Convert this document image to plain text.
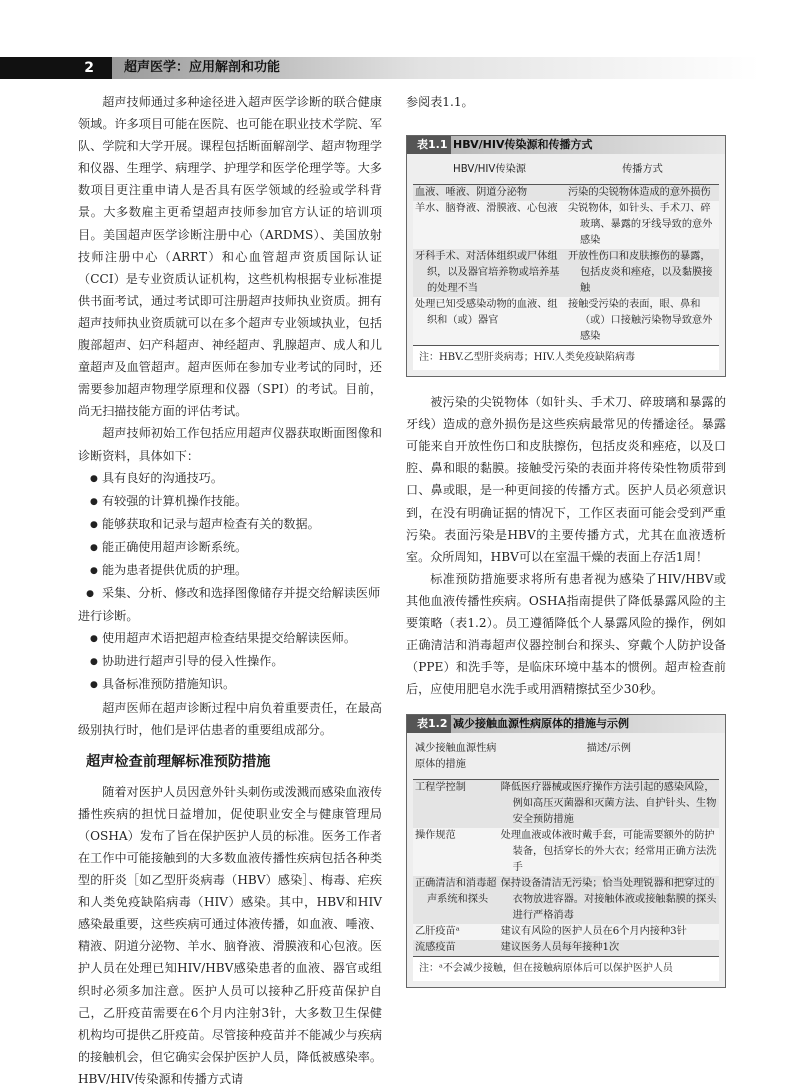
2	超声医学：应用解剖和功能

超声技师通过多种途径进入超声医学诊断的联合健康领域。许多项目可能在医院、也可能在职业技术学院、军队、学院和大学开展。课程包括断面解剖学、超声物理学和仪器、生理学、病理学、护理学和医学伦理学等。大多数项目更注重申请人是否具有医学领域的经验或学科背景。大多数雇主更希望超声技师参加官方认证的培训项目。美国超声医学诊断注册中心（ARDMS）、美国放射技师注册中心（ARRT）和心血管超声资质国际认证（CCI）是专业资质认证机构，这些机构根据专业标准提供书面考试，通过考试即可注册超声技师执业资质。拥有超声技师执业资质就可以在多个超声专业领域执业，包括腹部超声、妇产科超声、神经超声、乳腺超声、成人和儿童超声及血管超声。超声医师在参加专业考试的同时，还需要参加超声物理学原理和仪器（SPI）的考试。目前，尚无扫描技能方面的评估考试。

超声技师初始工作包括应用超声仪器获取断面图像和诊断资料，具体如下：

● 具有良好的沟通技巧。
● 有较强的计算机操作技能。
● 能够获取和记录与超声检查有关的数据。
● 能正确使用超声诊断系统。
● 能为患者提供优质的护理。
● 采集、分析、修改和选择图像储存并提交给解读医师进行诊断。
● 使用超声术语把超声检查结果提交给解读医师。
● 协助进行超声引导的侵入性操作。
● 具备标准预防措施知识。

超声医师在超声诊断过程中肩负着重要责任，在最高级别执行时，他们是评估患者的重要组成部分。

超声检查前理解标准预防措施

随着对医护人员因意外针头刺伤或泼溅而感染血液传播性疾病的担忧日益增加，促使职业安全与健康管理局（OSHA）发布了旨在保护医护人员的标准。医务工作者在工作中可能接触到的大多数血液传播性疾病包括各种类型的肝炎［如乙型肝炎病毒（HBV）感染］、梅毒、疟疾和人类免疫缺陷病毒（HIV）感染。其中，HBV和HIV感染最重要，这些疾病可通过体液传播，如血液、唾液、精液、阴道分泌物、羊水、脑脊液、滑膜液和心包液。医护人员在处理已知HIV/HBV感染患者的血液、器官或组织时必须多加注意。医护人员可以接种乙肝疫苗保护自己，乙肝疫苗需要在6个月内注射3针，大多数卫生保健机构均可提供乙肝疫苗。尽管接种疫苗并不能减少与疾病的接触机会，但它确实会保护医护人员，降低被感染率。HBV/HIV传染源和传播方式请

参阅表1.1。

表1.1 HBV/HIV传染源和传播方式
HBV/HIV传染源	传播方式
血液、唾液、阴道分泌物	污染的尖锐物体造成的意外损伤

羊水、脑脊液、滑膜液、心包液	尖锐物体，如针头、手术刀、碎玻璃、暴露的牙线导致的意外感染

牙科手术、对活体组织或尸体组织，以及器官培养物或培养基的处理不当	开放性伤口和皮肤擦伤的暴露，包括皮炎和痤疮，以及黏膜接触

处理已知受感染动物的血液、组织和（或）器官	接触受污染的表面，眼、鼻和（或）口接触污染物导致意外感染
注：HBV.乙型肝炎病毒；HIV.人类免疫缺陷病毒

被污染的尖锐物体（如针头、手术刀、碎玻璃和暴露的牙线）造成的意外损伤是这些疾病最常见的传播途径。暴露可能来自开放性伤口和皮肤擦伤，包括皮炎和痤疮，以及口腔、鼻和眼的黏膜。接触受污染的表面并将传染性物质带到口、鼻或眼，是一种更间接的传播方式。医护人员必须意识到，在没有明确证据的情况下，工作区表面可能会受到严重污染。表面污染是HBV的主要传播方式，尤其在血液透析室。众所周知，HBV可以在室温干燥的表面上存活1周！

标准预防措施要求将所有患者视为感染了HIV/HBV或其他血液传播性疾病。OSHA指南提供了降低暴露风险的主要策略（表1.2）。员工遵循降低个人暴露风险的操作，例如正确清洁和消毒超声仪器控制台和探头、穿戴个人防护设备（PPE）和洗手等，是临床环境中基本的惯例。超声检查前后，应使用肥皂水洗手或用酒精擦拭至少30秒。

表1.2 减少接触血源性病原体的措施与示例
减少接触血源性病原体的措施	描述/示例
工程学控制	降低医疗器械或医疗操作方法引起的感染风险，例如高压灭菌器和灭菌方法、自护针头、生物安全预防措施

操作规范	处理血液或体液时戴手套，可能需要额外的防护装备，包括穿长的外大衣；经常用正确方法洗手

正确清洁和消毒超声系统和探头	保持设备清洁无污染；恰当处理锐器和把穿过的衣物放进容器。对接触体液或接触黏膜的探头进行严格消毒

乙肝疫苗ᵃ	建议有风险的医护人员在6个月内接种3针
流感疫苗	建议医务人员每年接种1次
注：ᵃ不会减少接触，但在接触病原体后可以保护医护人员
